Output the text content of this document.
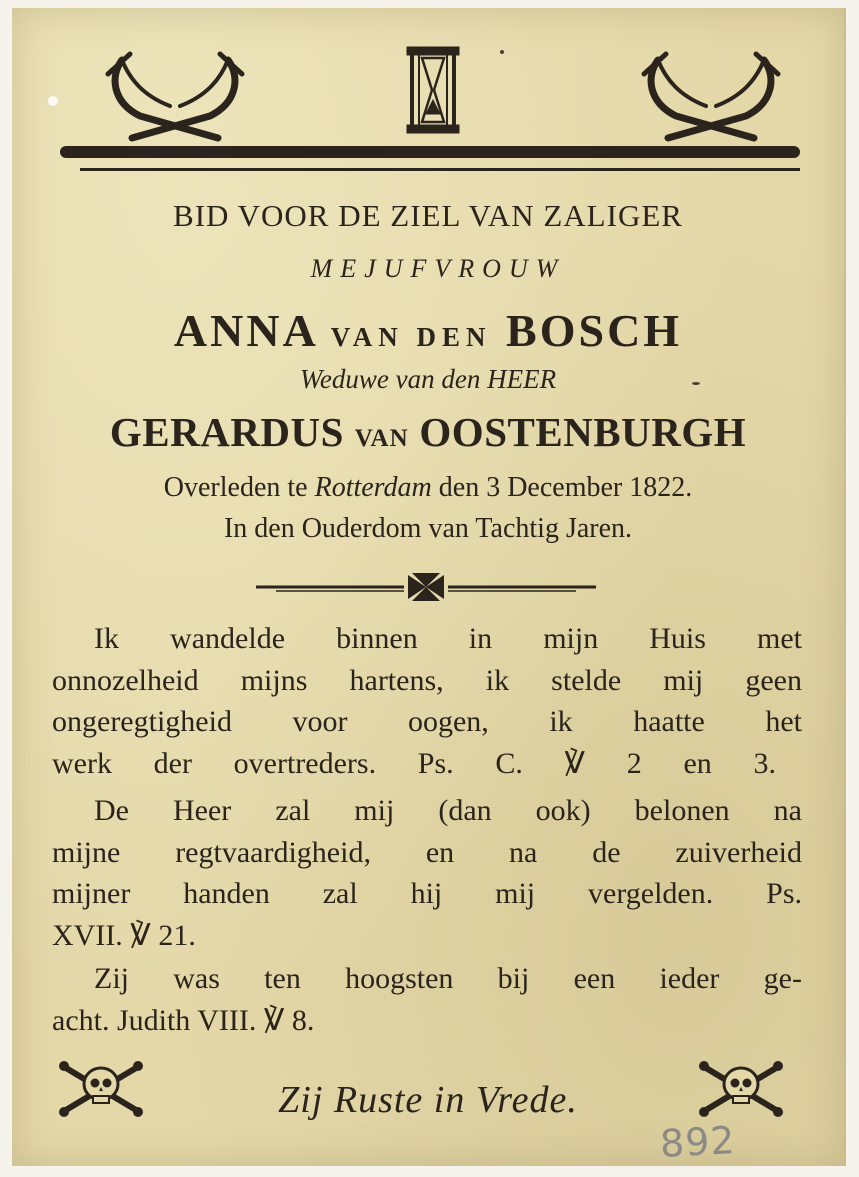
BID VOOR DE ZIEL VAN ZALIGER
MEJUFVROUW
ANNA VAN DEN BOSCH
Weduwe van den HEER
GERARDUS VAN OOSTENBURGH
Overleden te Rotterdam den 3 December 1822.
In den Ouderdom van Tachtig Jaren.
Ik wandelde binnen in mijn Huis met
onnozelheid mijns hartens, ik stelde mij geen
ongeregtigheid voor oogen, ik haatte het
werk der overtreders. Ps. C. ℣ 2 en 3.
De Heer zal mij (dan ook) belonen na
mijne regtvaardigheid, en na de zuiverheid
mijner handen zal hij mij vergelden. Ps.
XVII. ℣ 21.
Zij was ten hoogsten bij een ieder ge-
acht. Judith VIII. ℣ 8.
Zij Ruste in Vrede.
892
